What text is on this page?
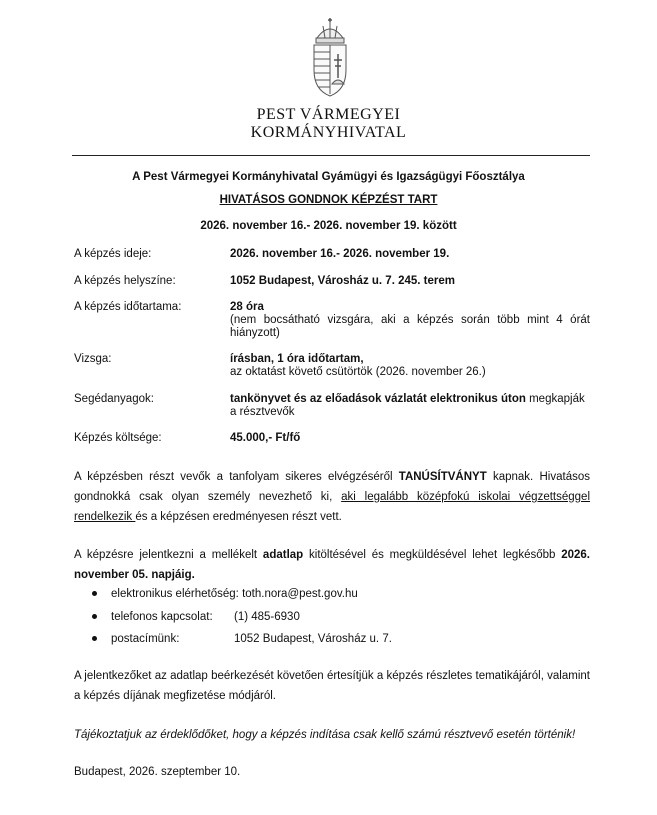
PEST VÁRMEGYEI
KORMÁNYHIVATAL
A Pest Vármegyei Kormányhivatal Gyámügyi és Igazságügyi Főosztálya
HIVATÁSOS GONDNOK KÉPZÉST TART
2026. november 16.- 2026. november 19. között
A képzés ideje:	2026. november 16.- 2026. november 19.
A képzés helyszíne:	1052 Budapest, Városház u. 7. 245. terem
A képzés időtartama:	28 óra
(nem bocsátható vizsgára, aki a képzés során több mint 4 órát hiányzott)
Vizsga:	írásban, 1 óra időtartam,
az oktatást követő csütörtök (2026. november 26.)
Segédanyagok:	tankönyvet és az előadások vázlatát elektronikus úton megkapják a résztvevők
Képzés költsége:	45.000,- Ft/fő
A képzésben részt vevők a tanfolyam sikeres elvégzéséről TANÚSÍTVÁNYT kapnak. Hivatásos gondnokká csak olyan személy nevezhető ki, aki legalább középfokú iskolai végzettséggel rendelkezik és a képzésen eredményesen részt vett.
A képzésre jelentkezni a mellékelt adatlap kitöltésével és megküldésével lehet legkésőbb 2026. november 05. napjáig.
elektronikus elérhetőség: toth.nora@pest.gov.hu
telefonos kapcsolat: (1) 485-6930
postacímünk:	1052 Budapest, Városház u. 7.
A jelentkezőket az adatlap beérkezését követően értesítjük a képzés részletes tematikájáról, valamint a képzés díjának megfizetése módjáról.
Tájékoztatjuk az érdeklődőket, hogy a képzés indítása csak kellő számú résztvevő esetén történik!
Budapest, 2026. szeptember 10.
